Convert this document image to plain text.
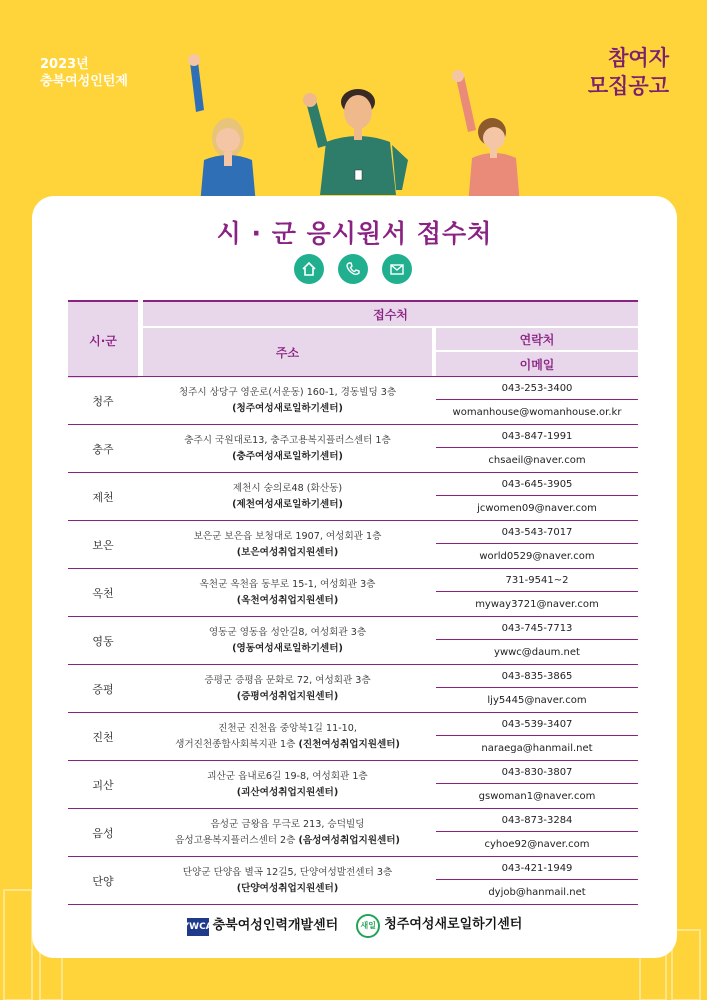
2023년
충북여성인턴제
참여자
모집공고
시 · 군 응시원서 접수처
시·군
접수처
주소
연락처
이메일
청주
청주시 상당구 영운로(서운동) 160-1, 경동빌딩 3층
(청주여성새로일하기센터)
043-253-3400
womanhouse@womanhouse.or.kr
충주
충주시 국원대로13, 충주고용복지플러스센터 1층
(충주여성새로일하기센터)
043-847-1991
chsaeil@naver.com
제천
제천시 숭의로48 (화산동)
(제천여성새로일하기센터)
043-645-3905
jcwomen09@naver.com
보은
보은군 보은읍 보청대로 1907, 여성회관 1층
(보은여성취업지원센터)
043-543-7017
world0529@naver.com
옥천
옥천군 옥천읍 동부로 15-1, 여성회관 3층
(옥천여성취업지원센터)
731-9541~2
myway3721@naver.com
영동
영동군 영동읍 성안길8, 여성회관 3층
(영동여성새로일하기센터)
043-745-7713
ywwc@daum.net
증평
증평군 증평읍 문화로 72, 여성회관 3층
(증평여성취업지원센터)
043-835-3865
ljy5445@naver.com
진천
진천군 진천읍 중앙북1길 11-10,
생거진천종합사회복지관 1층 (진천여성취업지원센터)
043-539-3407
naraega@hanmail.net
괴산
괴산군 읍내로6길 19-8, 여성회관 1층
(괴산여성취업지원센터)
043-830-3807
gswoman1@naver.com
음성
음성군 금왕읍 무극로 213, 승덕빌딩
음성고용복지플러스센터 2층 (음성여성취업지원센터)
043-873-3284
cyhoe92@naver.com
단양
단양군 단양읍 별곡 12길5, 단양여성발전센터 3층
(단양여성취업지원센터)
043-421-1949
dyjob@hanmail.net
YWCA충북여성인력개발센터	새일 청주여성새로일하기센터
